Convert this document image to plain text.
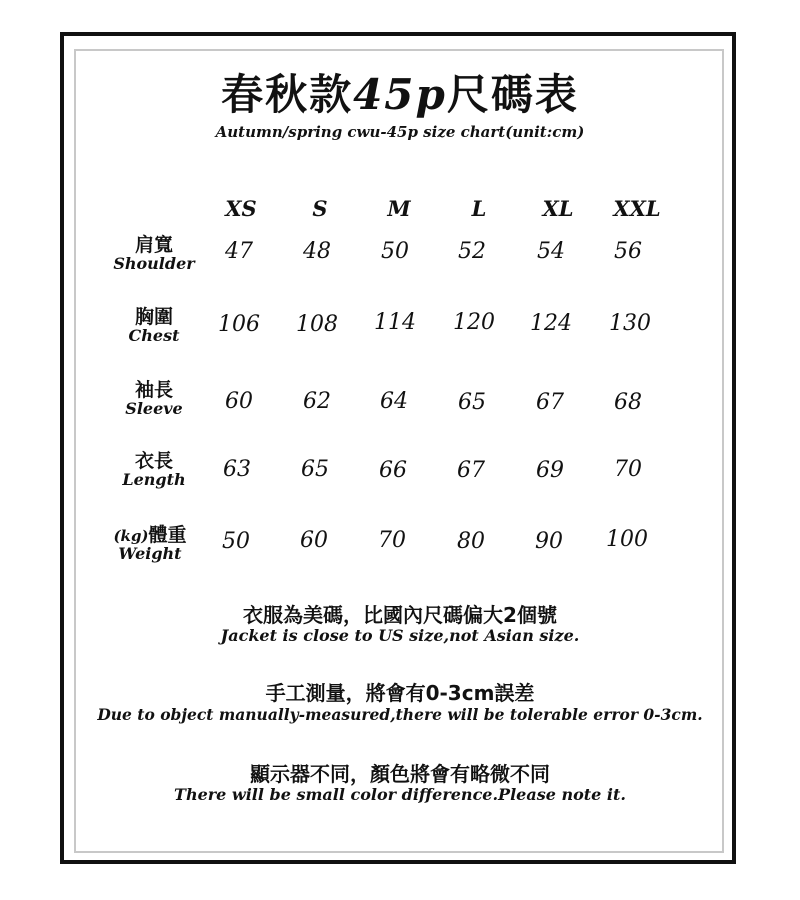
春秋款45p尺碼表
Autumn/spring cwu-45p size chart(unit:cm)
XS	S	M	L	XL	XXL
肩寬
Shoulder	47	48	50	52	54	56
胸圍
Chest	106	108	114	120	124	130
袖長
Sleeve	60	62	64	65	67	68
衣長
Length	63	65	66	67	69	70
(kg)體重
Weight	50	60	70	80	90	100
衣服為美碼，比國內尺碼偏大2個號
Jacket is close to US size,not Asian size.
手工測量，將會有0-3cm誤差
Due to object manually-measured,there will be tolerable error 0-3cm.
顯示器不同，顏色將會有略微不同
There will be small color difference.Please note it.
